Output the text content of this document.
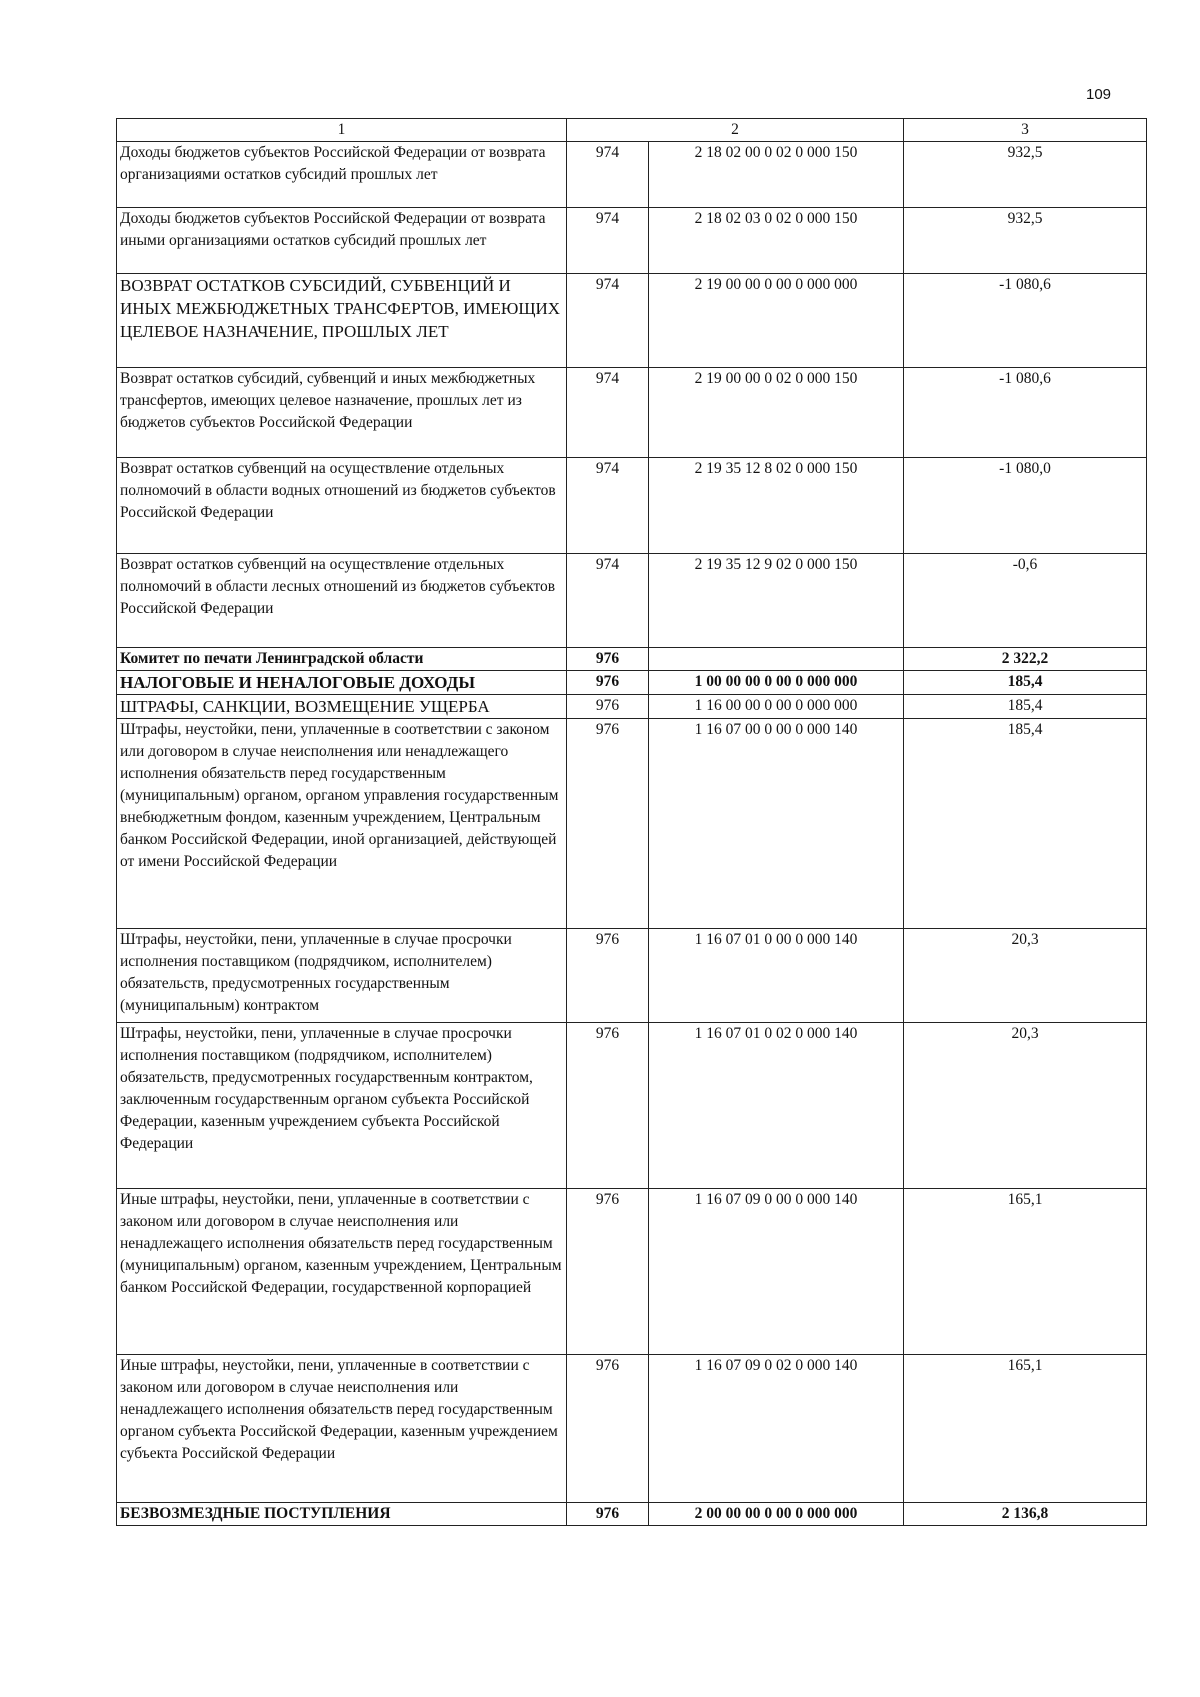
109
1	2		3
Доходы бюджетов субъектов Российской Федерации от возврата организациями остатков субсидий прошлых лет	974	2 18 02 00 0 02 0 000 150	932,5
Доходы бюджетов субъектов Российской Федерации от возврата иными организациями остатков субсидий прошлых лет	974	2 18 02 03 0 02 0 000 150	932,5
ВОЗВРАТ ОСТАТКОВ СУБСИДИЙ, СУБВЕНЦИЙ И ИНЫХ МЕЖБЮДЖЕТНЫХ ТРАНСФЕРТОВ, ИМЕЮЩИХ ЦЕЛЕВОЕ НАЗНАЧЕНИЕ, ПРОШЛЫХ ЛЕТ	974	2 19 00 00 0 00 0 000 000	-1 080,6
Возврат остатков субсидий, субвенций и иных межбюджетных трансфертов, имеющих целевое назначение, прошлых лет из бюджетов субъектов Российской Федерации	974	2 19 00 00 0 02 0 000 150	-1 080,6
Возврат остатков субвенций на осуществление отдельных полномочий в области водных отношений из бюджетов субъектов Российской Федерации	974	2 19 35 12 8 02 0 000 150	-1 080,0
Возврат остатков субвенций на осуществление отдельных полномочий в области лесных отношений из бюджетов субъектов Российской Федерации	974	2 19 35 12 9 02 0 000 150	-0,6
Комитет по печати Ленинградской области	976		2 322,2
НАЛОГОВЫЕ И НЕНАЛОГОВЫЕ ДОХОДЫ	976	1 00 00 00 0 00 0 000 000	185,4
ШТРАФЫ, САНКЦИИ, ВОЗМЕЩЕНИЕ УЩЕРБА	976	1 16 00 00 0 00 0 000 000	185,4
Штрафы, неустойки, пени, уплаченные в соответствии с законом или договором в случае неисполнения или ненадлежащего исполнения обязательств перед государственным (муниципальным) органом, органом управления государственным внебюджетным фондом, казенным учреждением, Центральным банком Российской Федерации, иной организацией, действующей от имени Российской Федерации	976	1 16 07 00 0 00 0 000 140	185,4
Штрафы, неустойки, пени, уплаченные в случае просрочки исполнения поставщиком (подрядчиком, исполнителем) обязательств, предусмотренных государственным (муниципальным) контрактом	976	1 16 07 01 0 00 0 000 140	20,3
Штрафы, неустойки, пени, уплаченные в случае просрочки исполнения поставщиком (подрядчиком, исполнителем) обязательств, предусмотренных государственным контрактом, заключенным государственным органом субъекта Российской Федерации, казенным учреждением субъекта Российской Федерации	976	1 16 07 01 0 02 0 000 140	20,3
Иные штрафы, неустойки, пени, уплаченные в соответствии с законом или договором в случае неисполнения или ненадлежащего исполнения обязательств перед государственным (муниципальным) органом, казенным учреждением, Центральным банком Российской Федерации, государственной корпорацией	976	1 16 07 09 0 00 0 000 140	165,1
Иные штрафы, неустойки, пени, уплаченные в соответствии с законом или договором в случае неисполнения или ненадлежащего исполнения обязательств перед государственным органом субъекта Российской Федерации, казенным учреждением субъекта Российской Федерации	976	1 16 07 09 0 02 0 000 140	165,1
БЕЗВОЗМЕЗДНЫЕ ПОСТУПЛЕНИЯ	976	2 00 00 00 0 00 0 000 000	2 136,8
